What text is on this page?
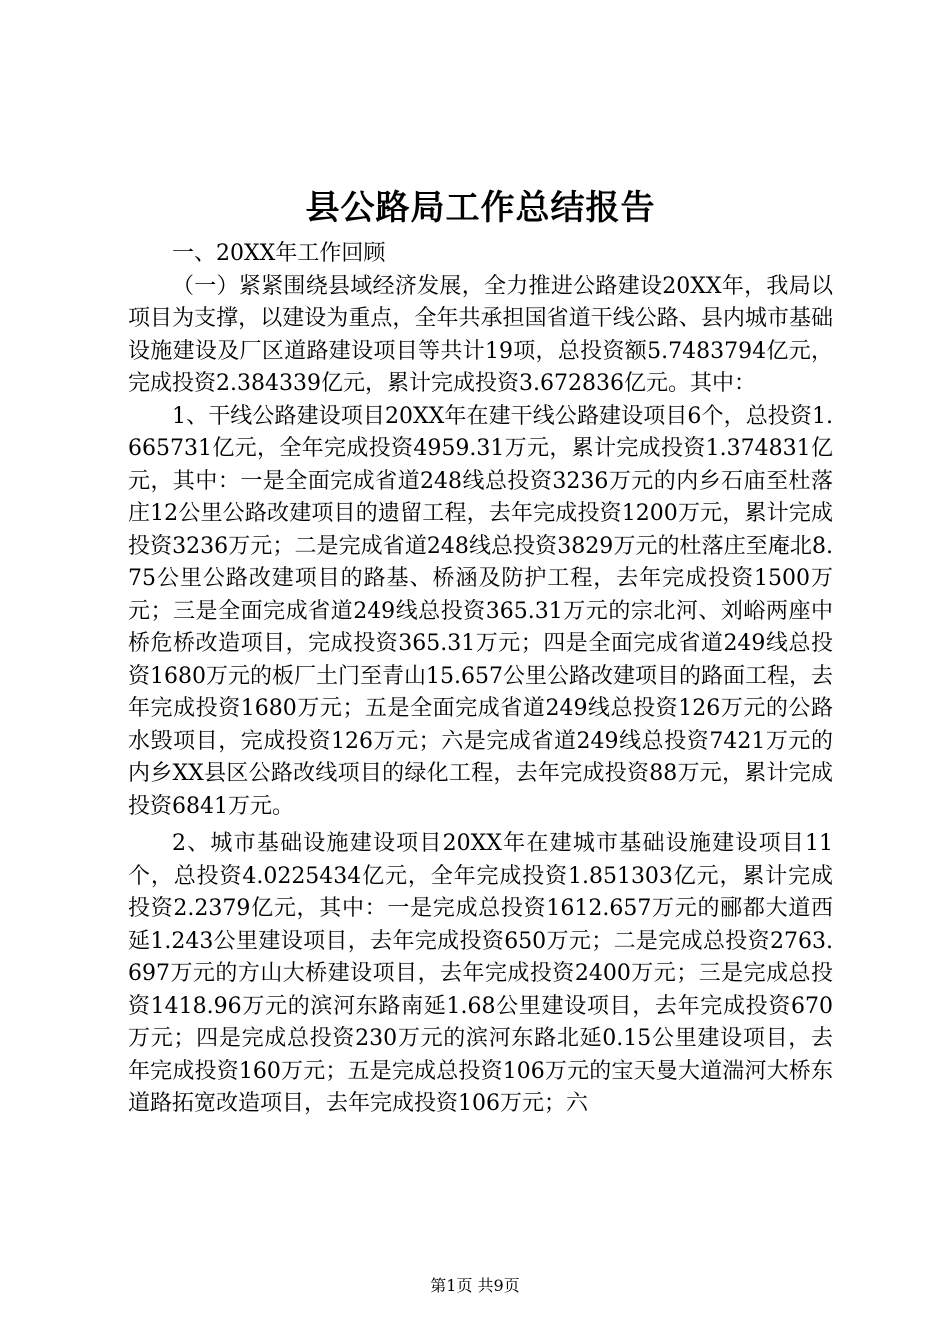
县公路局工作总结报告

一、20XX年工作回顾

（一）紧紧围绕县域经济发展，全力推进公路建设20XX年，我局以项目为支撑，以建设为重点，全年共承担国省道干线公路、县内城市基础设施建设及厂区道路建设项目等共计19项，总投资额5.7483794亿元，完成投资2.384339亿元，累计完成投资3.672836亿元。其中：

1、干线公路建设项目20XX年在建干线公路建设项目6个，总投资1.665731亿元，全年完成投资4959.31万元，累计完成投资1.374831亿元，其中：一是全面完成省道248线总投资3236万元的内乡石庙至杜落庄12公里公路改建项目的遗留工程，去年完成投资1200万元，累计完成投资3236万元；二是完成省道248线总投资3829万元的杜落庄至庵北8.75公里公路改建项目的路基、桥涵及防护工程，去年完成投资1500万元；三是全面完成省道249线总投资365.31万元的宗北河、刘峪两座中桥危桥改造项目，完成投资365.31万元；四是全面完成省道249线总投资1680万元的板厂土门至青山15.657公里公路改建项目的路面工程，去年完成投资1680万元；五是全面完成省道249线总投资126万元的公路水毁项目，完成投资126万元；六是完成省道249线总投资7421万元的内乡XX县区公路改线项目的绿化工程，去年完成投资88万元，累计完成投资6841万元。

2、城市基础设施建设项目20XX年在建城市基础设施建设项目11个，总投资4.0225434亿元，全年完成投资1.851303亿元，累计完成投资2.2379亿元，其中：一是完成总投资1612.657万元的郦都大道西延1.243公里建设项目，去年完成投资650万元；二是完成总投资2763.697万元的方山大桥建设项目，去年完成投资2400万元；三是完成总投资1418.96万元的滨河东路南延1.68公里建设项目，去年完成投资670万元；四是完成总投资230万元的滨河东路北延0.15公里建设项目，去年完成投资160万元；五是完成总投资106万元的宝天曼大道湍河大桥东道路拓宽改造项目，去年完成投资106万元；六

第1页 共9页
